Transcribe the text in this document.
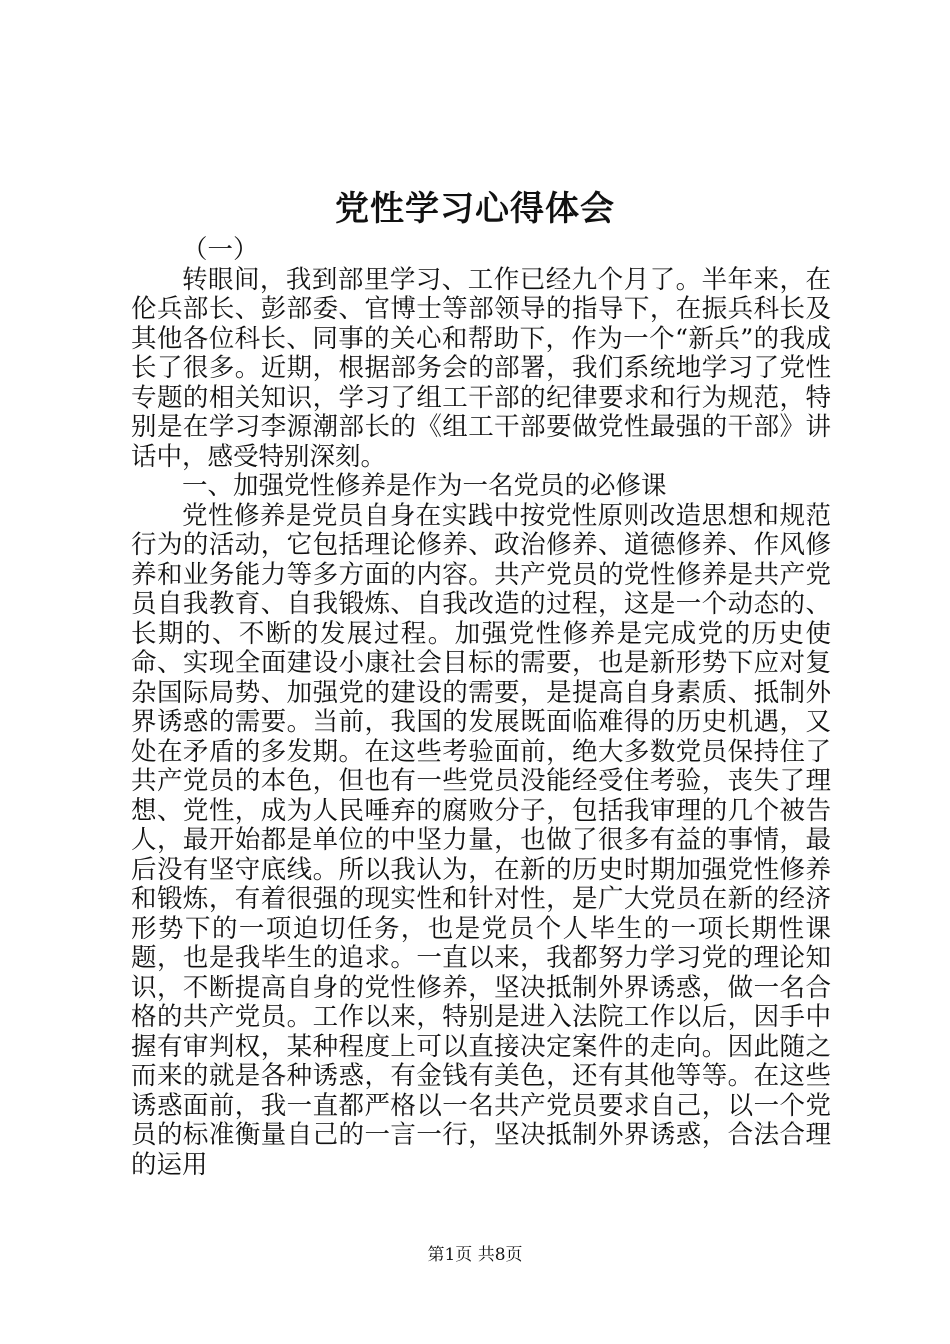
党性学习心得体会

（一）

转眼间，我到部里学习、工作已经九个月了。半年来，在伦兵部长、彭部委、官博士等部领导的指导下，在振兵科长及其他各位科长、同事的关心和帮助下，作为一个“新兵”的我成长了很多。近期，根据部务会的部署，我们系统地学习了党性专题的相关知识，学习了组工干部的纪律要求和行为规范，特别是在学习李源潮部长的《组工干部要做党性最强的干部》讲话中，感受特别深刻。

一、加强党性修养是作为一名党员的必修课

党性修养是党员自身在实践中按党性原则改造思想和规范行为的活动，它包括理论修养、政治修养、道德修养、作风修养和业务能力等多方面的内容。共产党员的党性修养是共产党员自我教育、自我锻炼、自我改造的过程，这是一个动态的、长期的、不断的发展过程。加强党性修养是完成党的历史使命、实现全面建设小康社会目标的需要，也是新形势下应对复杂国际局势、加强党的建设的需要，是提高自身素质、抵制外界诱惑的需要。当前，我国的发展既面临难得的历史机遇，又处在矛盾的多发期。在这些考验面前，绝大多数党员保持住了共产党员的本色，但也有一些党员没能经受住考验，丧失了理想、党性，成为人民唾弃的腐败分子，包括我审理的几个被告人，最开始都是单位的中坚力量，也做了很多有益的事情，最后没有坚守底线。所以我认为，在新的历史时期加强党性修养和锻炼，有着很强的现实性和针对性，是广大党员在新的经济形势下的一项迫切任务，也是党员个人毕生的一项长期性课题，也是我毕生的追求。一直以来，我都努力学习党的理论知识，不断提高自身的党性修养，坚决抵制外界诱惑，做一名合格的共产党员。工作以来，特别是进入法院工作以后，因手中握有审判权，某种程度上可以直接决定案件的走向。因此随之而来的就是各种诱惑，有金钱有美色，还有其他等等。在这些诱惑面前，我一直都严格以一名共产党员要求自己，以一个党员的标准衡量自己的一言一行，坚决抵制外界诱惑，合法合理的运用

第1页 共8页
